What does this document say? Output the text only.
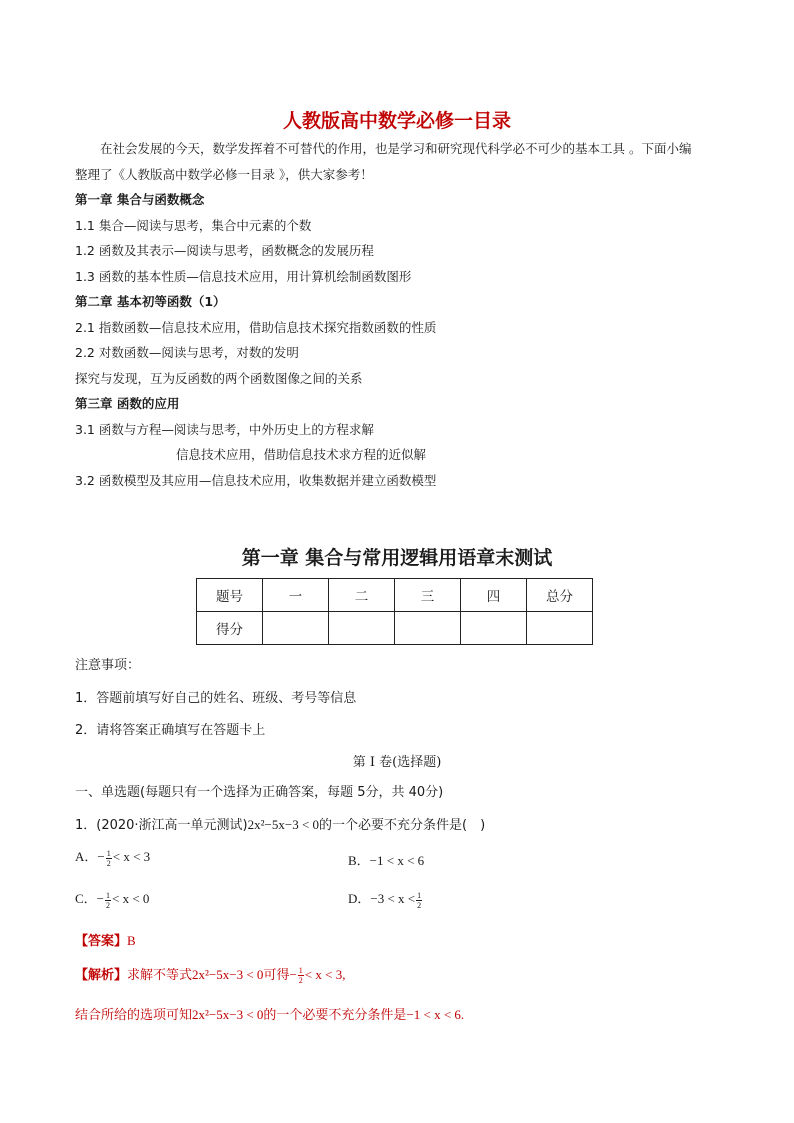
人教版高中数学必修一目录
在社会发展的今天，数学发挥着不可替代的作用，也是学习和研究现代科学必不可少的基本工具 。下面小编
整理了《人教版高中数学必修一目录 》，供大家参考！
第一章 集合与函数概念
1.1 集合—阅读与思考，集合中元素的个数
1.2 函数及其表示—阅读与思考，函数概念的发展历程
1.3 函数的基本性质—信息技术应用，用计算机绘制函数图形
第二章 基本初等函数（1）
2.1 指数函数—信息技术应用，借助信息技术探究指数函数的性质
2.2 对数函数—阅读与思考，对数的发明
探究与发现，互为反函数的两个函数图像之间的关系
第三章 函数的应用
3.1 函数与方程—阅读与思考，中外历史上的方程求解
信息技术应用，借助信息技术求方程的近似解
3.2 函数模型及其应用—信息技术应用，收集数据并建立函数模型
第一章 集合与常用逻辑用语章末测试
题号	一	二	三	四	总分
得分					
注意事项：
1．答题前填写好自己的姓名、班级、考号等信息
2．请将答案正确填写在答题卡上
第 I 卷(选择题)
一、单选题(每题只有一个选择为正确答案，每题 5分，共 40分)
1．(2020·浙江高一单元测试)2x²−5x−3 < 0的一个必要不充分条件是(　)
A．− $\frac{1}{2} < x < 3$	B．−1 < x < 6
C．− $\frac{1}{2} < x < 0$	D．$-3 < x < \frac{1}{2}$
【答案】B
【解析】求解不等式2x²−5x−3 < 0可得− $\frac{1}{2} < x < 3$,
结合所给的选项可知2x²−5x−3 < 0的一个必要不充分条件是−1 < x < 6.
